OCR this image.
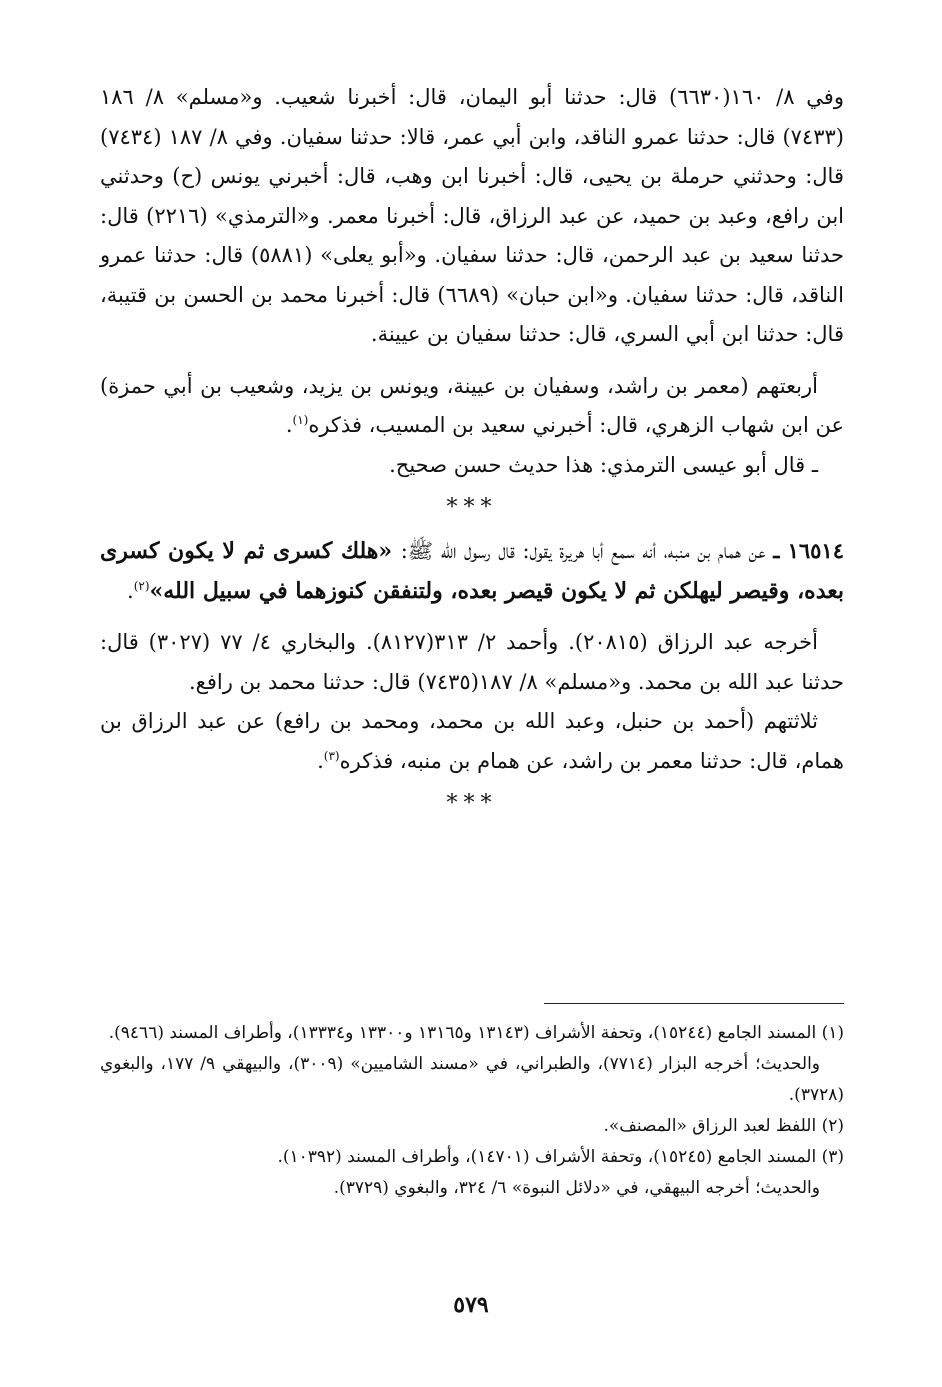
وفي ٨/ ١٦٠(٦٦٣٠) قال: حدثنا أبو اليمان، قال: أخبرنا شعيب. و«مسلم» ٨/ ١٨٦ (٧٤٣٣) قال: حدثنا عمرو الناقد، وابن أبي عمر، قالا: حدثنا سفيان. وفي ٨/ ١٨٧ (٧٤٣٤) قال: وحدثني حرملة بن يحيى، قال: أخبرنا ابن وهب، قال: أخبرني يونس (ح) وحدثني ابن رافع، وعبد بن حميد، عن عبد الرزاق، قال: أخبرنا معمر. و«الترمذي» (٢٢١٦) قال: حدثنا سعيد بن عبد الرحمن، قال: حدثنا سفيان. و«أبو يعلى» (٥٨٨١) قال: حدثنا عمرو الناقد، قال: حدثنا سفيان. و«ابن حبان» (٦٦٨٩) قال: أخبرنا محمد بن الحسن بن قتيبة، قال: حدثنا ابن أبي السري، قال: حدثنا سفيان بن عيينة.

أربعتهم (معمر بن راشد، وسفيان بن عيينة، ويونس بن يزيد، وشعيب بن أبي حمزة) عن ابن شهاب الزهري، قال: أخبرني سعيد بن المسيب، فذكره$^{(١)}$.

ـ قال أبو عيسى الترمذي: هذا حديث حسن صحيح.

***

١٦٥١٤ ـ عن همام بن منبه، أنه سمع أبا هريرة يقول: قال رسول الله ﷺ: «هلك كسرى ثم لا يكون كسرى بعده، وقيصر ليهلكن ثم لا يكون قيصر بعده، ولتنفقن كنوزهما في سبيل الله»$^{(٢)}$.

أخرجه عبد الرزاق (٢٠٨١٥). وأحمد ٢/ ٣١٣(٨١٢٧). والبخاري ٤/ ٧٧ (٣٠٢٧) قال: حدثنا عبد الله بن محمد. و«مسلم» ٨/ ١٨٧(٧٤٣٥) قال: حدثنا محمد بن رافع.

ثلاثتهم (أحمد بن حنبل، وعبد الله بن محمد، ومحمد بن رافع) عن عبد الرزاق بن همام، قال: حدثنا معمر بن راشد، عن همام بن منبه، فذكره$^{(٣)}$.

***

(١) المسند الجامع (١٥٢٤٤)، وتحفة الأشراف (١٣١٤٣ و١٣١٦٥ و١٣٣٠٠ و١٣٣٣٤)، وأطراف المسند (٩٤٦٦).

والحديث؛ أخرجه البزار (٧٧١٤)، والطبراني، في «مسند الشاميين» (٣٠٠٩)، والبيهقي ٩/ ١٧٧، والبغوي (٣٧٢٨).

(٢) اللفظ لعبد الرزاق «المصنف».

(٣) المسند الجامع (١٥٢٤٥)، وتحفة الأشراف (١٤٧٠١)، وأطراف المسند (١٠٣٩٢).

والحديث؛ أخرجه البيهقي، في «دلائل النبوة» ٦/ ٣٢٤، والبغوي (٣٧٢٩).

٥٧٩
